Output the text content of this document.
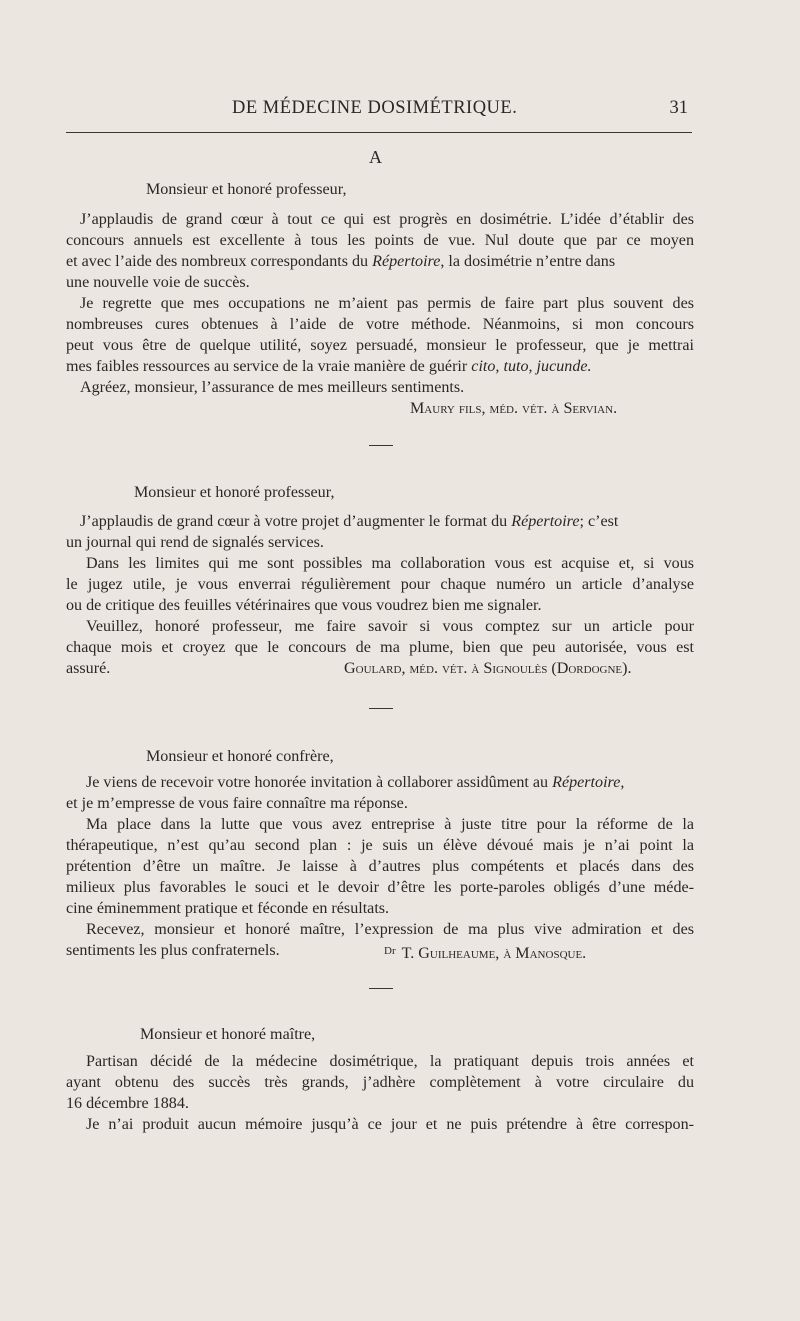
DE MÉDECINE DOSIMÉTRIQUE.	31
A
Monsieur et honoré professeur,
J’applaudis de grand cœur à tout ce qui est progrès en dosimétrie. L’idée d’établir des
concours annuels est excellente à tous les points de vue. Nul doute que par ce moyen
et avec l’aide des nombreux correspondants du Répertoire, la dosimétrie n’entre dans
une nouvelle voie de succès.
Je regrette que mes occupations ne m’aient pas permis de faire part plus souvent des
nombreuses cures obtenues à l’aide de votre méthode. Néanmoins, si mon concours
peut vous être de quelque utilité, soyez persuadé, monsieur le professeur, que je mettrai
mes faibles ressources au service de la vraie manière de guérir cito, tuto, jucunde.
Agréez, monsieur, l’assurance de mes meilleurs sentiments.
Maury fils, méd. vét. à Servian.
Monsieur et honoré professeur,
J’applaudis de grand cœur à votre projet d’augmenter le format du Répertoire; c’est
un journal qui rend de signalés services.
Dans les limites qui me sont possibles ma collaboration vous est acquise et, si vous
le jugez utile, je vous enverrai régulièrement pour chaque numéro un article d’analyse
ou de critique des feuilles vétérinaires que vous voudrez bien me signaler.
Veuillez, honoré professeur, me faire savoir si vous comptez sur un article pour
chaque mois et croyez que le concours de ma plume, bien que peu autorisée, vous est
assuré.	Goulard, méd. vét. à Signoulès (Dordogne).
Monsieur et honoré confrère,
Je viens de recevoir votre honorée invitation à collaborer assidûment au Répertoire,
et je m’empresse de vous faire connaître ma réponse.
Ma place dans la lutte que vous avez entreprise à juste titre pour la réforme de la
thérapeutique, n’est qu’au second plan : je suis un élève dévoué mais je n’ai point la
prétention d’être un maître. Je laisse à d’autres plus compétents et placés dans des
milieux plus favorables le souci et le devoir d’être les porte-paroles obligés d’une méde-
cine éminemment pratique et féconde en résultats.
Recevez, monsieur et honoré maître, l’expression de ma plus vive admiration et des
sentiments les plus confraternels.	$^{Dr}$ T. Guilheaume, à Manosque.
Monsieur et honoré maître,
Partisan décidé de la médecine dosimétrique, la pratiquant depuis trois années et
ayant obtenu des succès très grands, j’adhère complètement à votre circulaire du
16 décembre 1884.
Je n’ai produit aucun mémoire jusqu’à ce jour et ne puis prétendre à être correspon-
